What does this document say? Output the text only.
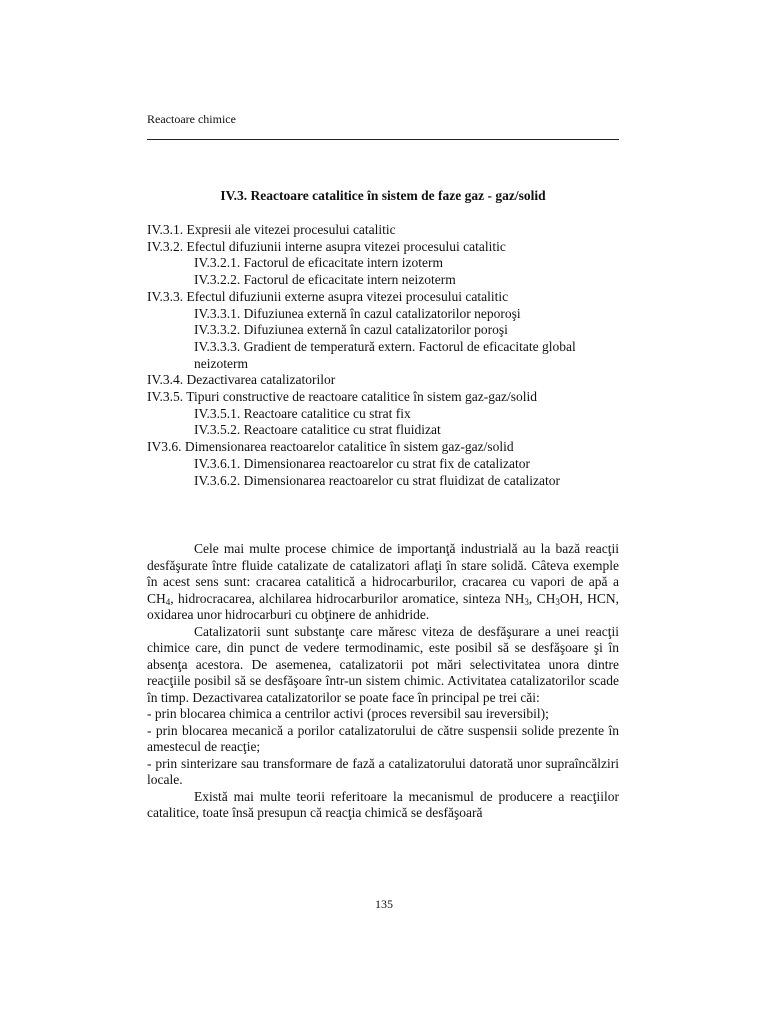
Reactoare chimice
IV.3. Reactoare catalitice în sistem de faze gaz - gaz/solid
IV.3.1. Expresii ale vitezei procesului catalitic
IV.3.2. Efectul difuziunii interne asupra vitezei procesului catalitic
IV.3.2.1. Factorul de eficacitate intern izoterm
IV.3.2.2. Factorul de eficacitate intern neizoterm
IV.3.3. Efectul difuziunii externe asupra vitezei procesului catalitic
IV.3.3.1. Difuziunea externă în cazul catalizatorilor neporoşi
IV.3.3.2. Difuziunea externă în cazul catalizatorilor poroşi
IV.3.3.3. Gradient de temperatură extern. Factorul de eficacitate global neizoterm
IV.3.4. Dezactivarea catalizatorilor
IV.3.5. Tipuri constructive de reactoare catalitice în sistem gaz-gaz/solid
IV.3.5.1. Reactoare catalitice cu strat fix
IV.3.5.2. Reactoare catalitice cu strat fluidizat
IV3.6. Dimensionarea reactoarelor catalitice în sistem gaz-gaz/solid
IV.3.6.1. Dimensionarea reactoarelor cu strat fix de catalizator
IV.3.6.2. Dimensionarea reactoarelor cu strat fluidizat de catalizator

Cele mai multe procese chimice de importanţă industrială au la bază reacţii desfăşurate între fluide catalizate de catalizatori aflaţi în stare solidă. Câteva exemple în acest sens sunt: cracarea catalitică a hidrocarburilor, cracarea cu vapori de apă a $CH_4$, hidrocracarea, alchilarea hidrocarburilor aromatice, sinteza $NH_3$, $CH_3OH$, HCN, oxidarea unor hidrocarburi cu obţinere de anhidride.

Catalizatorii sunt substanţe care măresc viteza de desfăşurare a unei reacţii chimice care, din punct de vedere termodinamic, este posibil să se desfăşoare şi în absenţa acestora. De asemenea, catalizatorii pot mări selectivitatea unora dintre reacţiile posibil să se desfăşoare într-un sistem chimic. Activitatea catalizatorilor scade în timp. Dezactivarea catalizatorilor se poate face în principal pe trei căi:

- prin blocarea chimica a centrilor activi (proces reversibil sau ireversibil);

- prin blocarea mecanică a porilor catalizatorului de către suspensii solide prezente în amestecul de reacţie;

- prin sinterizare sau transformare de fază a catalizatorului datorată unor supraîncălziri locale.

Există mai multe teorii referitoare la mecanismul de producere a reacţiilor catalitice, toate însă presupun că reacţia chimică se desfăşoară

135
